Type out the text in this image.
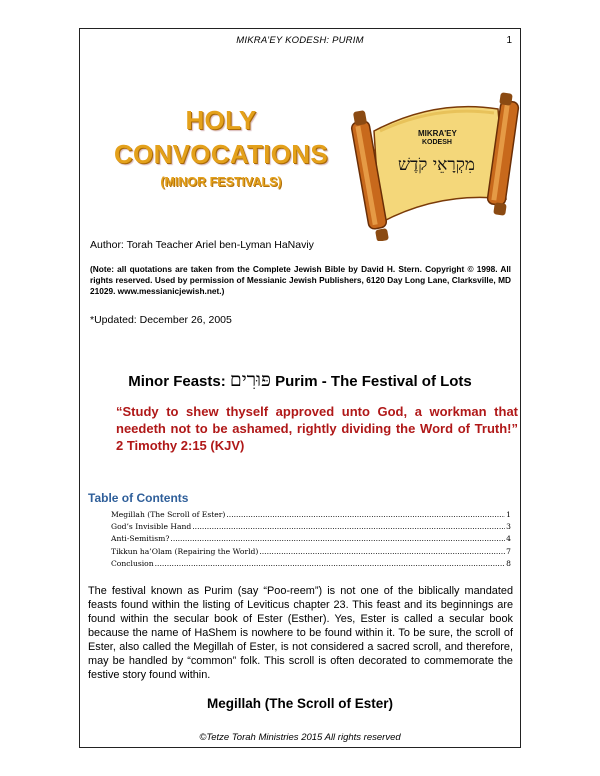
MIKRA’EY KODESH: PURIM	1
HOLY
CONVOCATIONS
(MINOR FESTIVALS)
MIKRA'EY
KODESH
מִקְרָאֵי קֹדֶשׁ
Author: Torah Teacher Ariel ben-Lyman HaNaviy
(Note: all quotations are taken from the Complete Jewish Bible by David H. Stern. Copyright © 1998. All rights reserved. Used by permission of Messianic Jewish Publishers, 6120 Day Long Lane, Clarksville, MD 21029. www.messianicjewish.net.)
*Updated: December 26, 2005
Minor Feasts: פּוּרִים Purim - The Festival of Lots
“Study to shew thyself approved unto God, a workman that needeth not to be ashamed, rightly dividing the Word of Truth!” 2 Timothy 2:15 (KJV)
Table of Contents
Megillah (The Scroll of Ester) .....	1
God’s Invisible Hand .....	3
Anti-Semitism? .....	4
Tikkun ha’Olam (Repairing the World) .....	7
Conclusion .....	8
The festival known as Purim (say “Poo-reem”) is not one of the biblically mandated feasts found within the listing of Leviticus chapter 23. This feast and its beginnings are found within the secular book of Ester (Esther). Yes, Ester is called a secular book because the name of HaShem is nowhere to be found within it. To be sure, the scroll of Ester, also called the Megillah of Ester, is not considered a sacred scroll, and therefore, may be handled by “common” folk. This scroll is often decorated to commemorate the festive story found within.
Megillah (The Scroll of Ester)
©Tetze Torah Ministries 2015 All rights reserved
